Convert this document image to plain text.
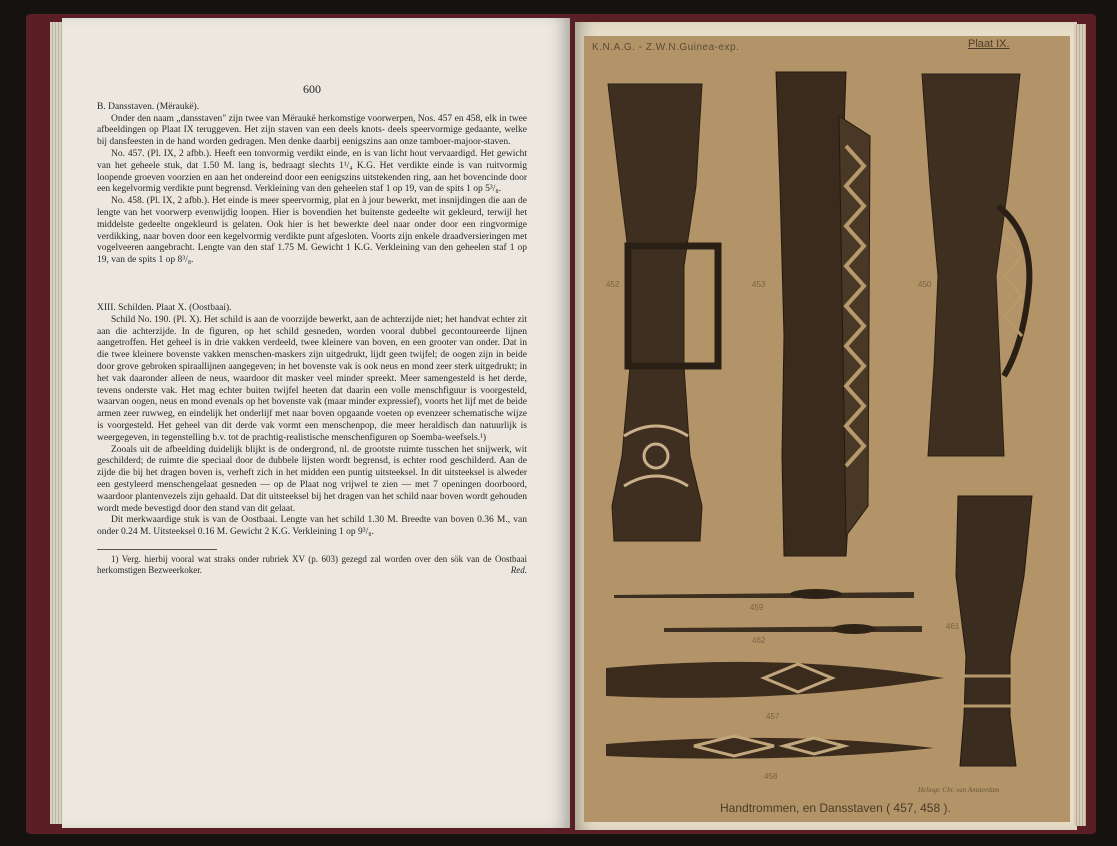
600

B. Dansstaven. (Mëraukë).

Onder den naam „dansstaven" zijn twee van Mëraukë herkomstige voorwerpen, Nos. 457 en 458, elk in twee afbeeldingen op Plaat IX teruggeven. Het zijn staven van een deels knots- deels speervormige gedaante, welke bij dansfeesten in de hand worden gedragen. Men denke daarbij eenigszins aan onze tamboer-majoor-staven.

No. 457. (Pl. IX, 2 afbb.). Heeft een tonvormig verdikt einde, en is van licht hout vervaardigd. Het gewicht van het geheele stuk, dat 1.50 M. lang is, bedraagt slechts 1¹/₄ K.G. Het verdikte einde is van ruitvormig loopende groeven voorzien en aan het ondereind door een eenigszins uitstekenden ring, aan het bovencinde door een kegelvormig verdikte punt begrensd. Verkleining van den geheelen staf 1 op 19, van de spits 1 op 5³/₈.

No. 458. (Pl. IX, 2 afbb.). Het einde is meer speervormig, plat en à jour bewerkt, met insnijdingen die aan de lengte van het voorwerp evenwijdig loopen. Hier is bovendien het buitenste gedeelte wit gekleurd, terwijl het middelste gedeelte ongekleurd is gelaten. Ook hier is het bewerkte deel naar onder door een ringvormige verdikking, naar boven door een kegelvormig verdikte punt afgesloten. Voorts zijn enkele draadversieringen met vogelveeren aangebracht. Lengte van den staf 1.75 M. Gewicht 1 K.G. Verkleining van den geheelen staf 1 op 19, van de spits 1 op 8³/₈.

XIII. Schilden. Plaat X. (Oostbaai).

Schild No. 190. (Pl. X). Het schild is aan de voorzijde bewerkt, aan de achterzijde niet; het handvat echter zit aan die achterzijde. In de figuren, op het schild gesneden, worden vooral dubbel gecontoureerde lijnen aangetroffen. Het geheel is in drie vakken verdeeld, twee kleinere van boven, en een grooter van onder. Dat in die twee kleinere bovenste vakken menschen-maskers zijn uitgedrukt, lijdt geen twijfel; de oogen zijn in beide door grove gebroken spiraallijnen aangegeven; in het bovenste vak is ook neus en mond zeer sterk uitgedrukt; in het vak daaronder alleen de neus, waardoor dit masker veel minder spreekt. Meer samengesteld is het derde, tevens onderste vak. Het mag echter buiten twijfel heeten dat daarin een volle menschfiguur is voorgesteld, waarvan oogen, neus en mond evenals op het bovenste vak (maar minder expressief), voorts het lijf met de beide armen zeer ruwweg, en eindelijk het onderlijf met naar boven opgaande voeten op evenzeer schematische wijze is voorgesteld. Het geheel van dit derde vak vormt een menschenpop, die meer heraldisch dan natuurlijk is weergegeven, in tegenstelling b.v. tot de prachtig-realistische menschenfiguren op Soemba-weefsels.¹)

Zooals uit de afbeelding duidelijk blijkt is de ondergrond, nl. de grootste ruimte tusschen het snijwerk, wit geschilderd; de ruimte die speciaal door de dubbele lijsten wordt begrensd, is echter rood geschilderd. Aan de zijde die bij het dragen boven is, verheft zich in het midden een puntig uitsteeksel. In dit uitsteeksel is alweder een gestyleerd menschengelaat gesneden — op de Plaat nog vrijwel te zien — met 7 openingen doorboord, waardoor plantenvezels zijn gehaald. Dat dit uitsteeksel bij het dragen van het schild naar boven wordt gehouden wordt mede bevestigd door den stand van dit gelaat.

Dit merkwaardige stuk is van de Oostbaai. Lengte van het schild 1.30 M. Breedte van boven 0.36 M., van onder 0.24 M. Uitsteeksel 0.16 M. Gewicht 2 K.G. Verkleining 1 op 9³/₈.

1) Verg. hierbij vooral wat straks onder rubriek XV (p. 603) gezegd zal worden over den sök van de Oostbaai herkomstigen Bezweerkoker.	Red.

K.N.A.G. - Z.W.N.Guinea-exp.	Plaat IX.
452	453	450
459
462
461
457
458
Heliogr. Chr. van Amsterdam
Handtrommen, en Dansstaven ( 457, 458 ).
